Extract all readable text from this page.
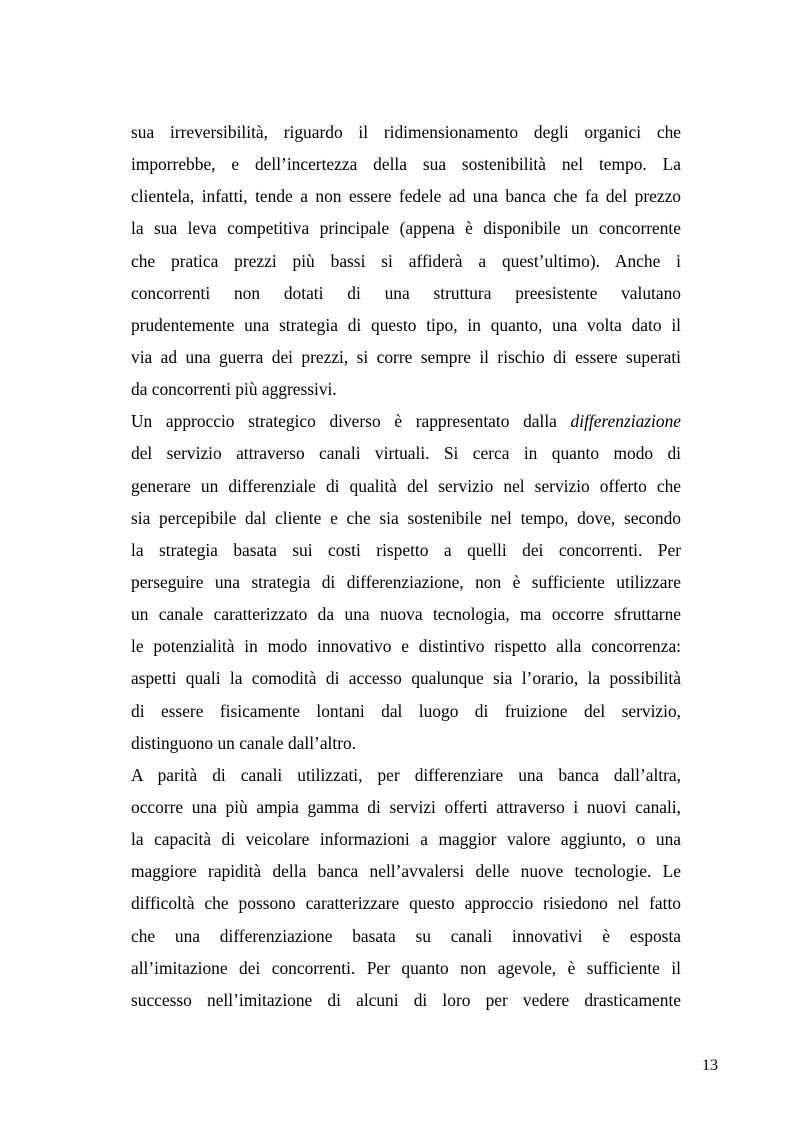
sua irreversibilità, riguardo il ridimensionamento degli organici che
imporrebbe, e dell’incertezza della sua sostenibilità nel tempo. La
clientela, infatti, tende a non essere fedele ad una banca che fa del prezzo
la sua leva competitiva principale (appena è disponibile un concorrente
che pratica prezzi più bassi si affiderà a quest’ultimo). Anche i
concorrenti non dotati di una struttura preesistente valutano
prudentemente una strategia di questo tipo, in quanto, una volta dato il
via ad una guerra dei prezzi, si corre sempre il rischio di essere superati
da concorrenti più aggressivi.
Un approccio strategico diverso è rappresentato dalla differenziazione
del servizio attraverso canali virtuali. Si cerca in quanto modo di
generare un differenziale di qualità del servizio nel servizio offerto che
sia percepibile dal cliente e che sia sostenibile nel tempo, dove, secondo
la strategia basata sui costi rispetto a quelli dei concorrenti. Per
perseguire una strategia di differenziazione, non è sufficiente utilizzare
un canale caratterizzato da una nuova tecnologia, ma occorre sfruttarne
le potenzialità in modo innovativo e distintivo rispetto alla concorrenza:
aspetti quali la comodità di accesso qualunque sia l’orario, la possibilità
di essere fisicamente lontani dal luogo di fruizione del servizio,
distinguono un canale dall’altro.
A parità di canali utilizzati, per differenziare una banca dall’altra,
occorre una più ampia gamma di servizi offerti attraverso i nuovi canali,
la capacità di veicolare informazioni a maggior valore aggiunto, o una
maggiore rapidità della banca nell’avvalersi delle nuove tecnologie. Le
difficoltà che possono caratterizzare questo approccio risiedono nel fatto
che una differenziazione basata su canali innovativi è esposta
all’imitazione dei concorrenti. Per quanto non agevole, è sufficiente il
successo nell’imitazione di alcuni di loro per vedere drasticamente
13
